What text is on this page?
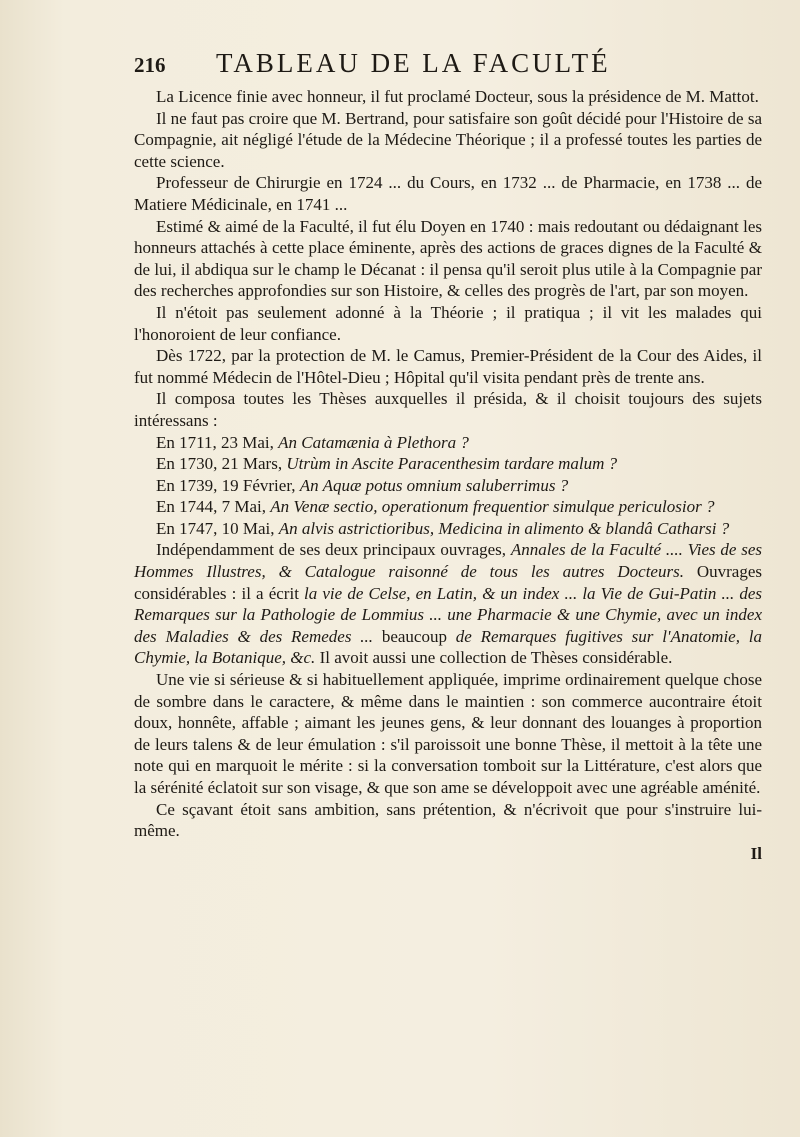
216	TABLEAU DE LA FACULTÉ

La Licence finie avec honneur, il fut proclamé Docteur, sous la présidence de M. Mattot.

Il ne faut pas croire que M. Bertrand, pour satisfaire son goût décidé pour l'Histoire de sa Compagnie, ait négligé l'étude de la Médecine Théorique ; il a professé toutes les parties de cette science.

Professeur de Chirurgie en 1724 ... du Cours, en 1732 ... de Pharmacie, en 1738 ... de Matiere Médicinale, en 1741 ...

Estimé & aimé de la Faculté, il fut élu Doyen en 1740 : mais redoutant ou dédaignant les honneurs attachés à cette place éminente, après des actions de graces dignes de la Faculté & de lui, il abdiqua sur le champ le Décanat : il pensa qu'il seroit plus utile à la Compagnie par des recherches approfondies sur son Histoire, & celles des progrès de l'art, par son moyen.

Il n'étoit pas seulement adonné à la Théorie ; il pratiqua ; il vit les malades qui l'honoroient de leur confiance.

Dès 1722, par la protection de M. le Camus, Premier-Président de la Cour des Aides, il fut nommé Médecin de l'Hôtel-Dieu ; Hôpital qu'il visita pendant près de trente ans.

Il composa toutes les Thèses auxquelles il présida, & il choisit toujours des sujets intéressans :

En 1711, 23 Mai, An Catamænia à Plethora ?

En 1730, 21 Mars, Utrùm in Ascite Paracenthesim tardare malum ?

En 1739, 19 Février, An Aquæ potus omnium saluberrimus ?

En 1744, 7 Mai, An Venæ sectio, operationum frequentior simulque periculosior ?

En 1747, 10 Mai, An alvis astrictioribus, Medicina in alimento & blandâ Catharsi ?

Indépendamment de ses deux principaux ouvrages, Annales de la Faculté .... Vies de ses Hommes Illustres, & Catalogue raisonné de tous les autres Docteurs. Ouvrages considérables : il a écrit la vie de Celse, en Latin, & un index ... la Vie de Gui-Patin ... des Remarques sur la Pathologie de Lommius ... une Pharmacie & une Chymie, avec un index des Maladies & des Remedes ... beaucoup de Remarques fugitives sur l'Anatomie, la Chymie, la Botanique, &c. Il avoit aussi une collection de Thèses considérable.

Une vie si sérieuse & si habituellement appliquée, imprime ordinairement quelque chose de sombre dans le caractere, & même dans le maintien : son commerce aucontraire étoit doux, honnête, affable ; aimant les jeunes gens, & leur donnant des louanges à proportion de leurs talens & de leur émulation : s'il paroissoit une bonne Thèse, il mettoit à la tête une note qui en marquoit le mérite : si la conversation tomboit sur la Littérature, c'est alors que la sérénité éclatoit sur son visage, & que son ame se développoit avec une agréable aménité.

Ce sçavant étoit sans ambition, sans prétention, & n'écrivoit que pour s'instruire lui-même.

Il
